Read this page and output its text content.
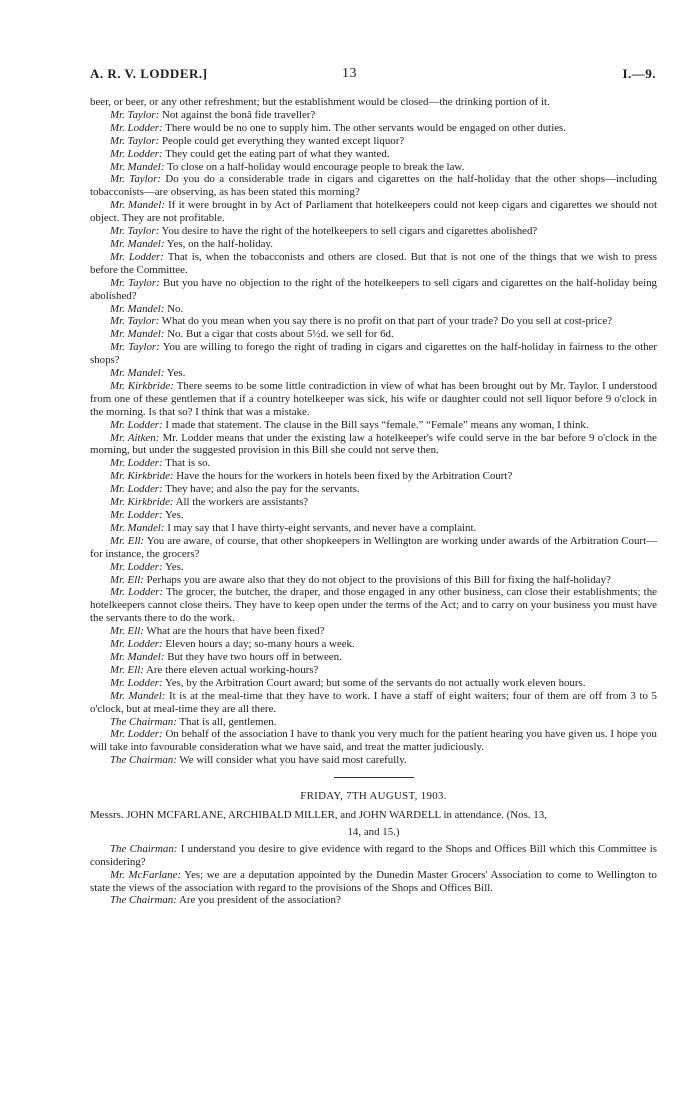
A. R. V. LODDER.]	13	I.—9.

beer, or beer, or any other refreshment; but the establishment would be closed—the drinking portion of it.

Mr. Taylor: Not against the bonâ fide traveller?

Mr. Lodder: There would be no one to supply him. The other servants would be engaged on other duties.

Mr. Taylor: People could get everything they wanted except liquor?

Mr. Lodder: They could get the eating part of what they wanted.

Mr. Mandel: To close on a half-holiday would encourage people to break the law.

Mr. Taylor: Do you do a considerable trade in cigars and cigarettes on the half-holiday that the other shops—including tobacconists—are observing, as has been stated this morning?

Mr. Mandel: If it were brought in by Act of Parliament that hotelkeepers could not keep cigars and cigarettes we should not object. They are not profitable.

Mr. Taylor: You desire to have the right of the hotelkeepers to sell cigars and cigarettes abolished?

Mr. Mandel: Yes, on the half-holiday.

Mr. Lodder: That is, when the tobacconists and others are closed. But that is not one of the things that we wish to press before the Committee.

Mr. Taylor: But you have no objection to the right of the hotelkeepers to sell cigars and cigarettes on the half-holiday being abolished?

Mr. Mandel: No.

Mr. Taylor: What do you mean when you say there is no profit on that part of your trade? Do you sell at cost-price?

Mr. Mandel: No. But a cigar that costs about 5½d. we sell for 6d.

Mr. Taylor: You are willing to forego the right of trading in cigars and cigarettes on the half-holiday in fairness to the other shops?

Mr. Mandel: Yes.

Mr. Kirkbride: There seems to be some little contradiction in view of what has been brought out by Mr. Taylor. I understood from one of these gentlemen that if a country hotelkeeper was sick, his wife or daughter could not sell liquor before 9 o'clock in the morning. Is that so? I think that was a mistake.

Mr. Lodder: I made that statement. The clause in the Bill says “female.” “Female” means any woman, I think.

Mr. Aitken: Mr. Lodder means that under the existing law a hotelkeeper's wife could serve in the bar before 9 o'clock in the morning, but under the suggested provision in this Bill she could not serve then.

Mr. Lodder: That is so.

Mr. Kirkbride: Have the hours for the workers in hotels been fixed by the Arbitration Court?

Mr. Lodder: They have; and also the pay for the servants.

Mr. Kirkbride: All the workers are assistants?

Mr. Lodder: Yes.

Mr. Mandel: I may say that I have thirty-eight servants, and never have a complaint.

Mr. Ell: You are aware, of course, that other shopkeepers in Wellington are working under awards of the Arbitration Court—for instance, the grocers?

Mr. Lodder: Yes.

Mr. Ell: Perhaps you are aware also that they do not object to the provisions of this Bill for fixing the half-holiday?

Mr. Lodder: The grocer, the butcher, the draper, and those engaged in any other business, can close their establishments; the hotelkeepers cannot close theirs. They have to keep open under the terms of the Act; and to carry on your business you must have the servants there to do the work.

Mr. Ell: What are the hours that have been fixed?

Mr. Lodder: Eleven hours a day; so-many hours a week.

Mr. Mandel: But they have two hours off in between.

Mr. Ell: Are there eleven actual working-hours?

Mr. Lodder: Yes, by the Arbitration Court award; but some of the servants do not actually work eleven hours.

Mr. Mandel: It is at the meal-time that they have to work. I have a staff of eight waiters; four of them are off from 3 to 5 o'clock, but at meal-time they are all there.

The Chairman: That is all, gentlemen.

Mr. Lodder: On behalf of the association I have to thank you very much for the patient hearing you have given us. I hope you will take into favourable consideration what we have said, and treat the matter judiciously.

The Chairman: We will consider what you have said most carefully.

FRIDAY, 7TH AUGUST, 1903.

Messrs. JOHN MCFARLANE, ARCHIBALD MILLER, and JOHN WARDELL in attendance. (Nos. 13,

14, and 15.)

The Chairman: I understand you desire to give evidence with regard to the Shops and Offices Bill which this Committee is considering?

Mr. McFarlane: Yes; we are a deputation appointed by the Dunedin Master Grocers' Association to come to Wellington to state the views of the association with regard to the provisions of the Shops and Offices Bill.

The Chairman: Are you president of the association?
